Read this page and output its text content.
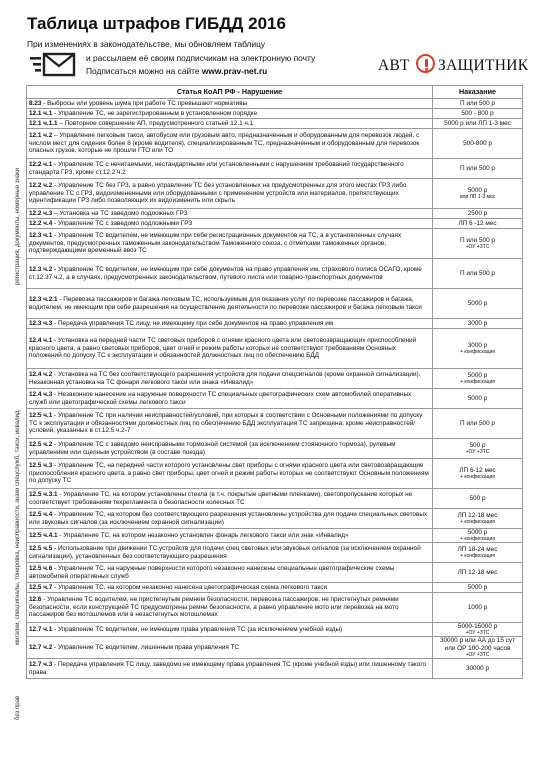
Таблица штрафов ГИБДД 2016
При изменениях в законодательстве, мы обновляем таблицу
и рассылаем её своим подписчикам на электронную почту
Подписаться можно на сайте www.prav-net.ru	АВТ ЗАЩИТНИК
Статья КоАП РФ - Нарушение	Наказание
8.23 - Выбросы или уровень шума при работе ТС превышают нормативы	П или 500 р

12.1 ч.1 - Управление ТС, не зарегистрированным в установленном порядке	500 - 800 р

12.1 ч.1.1 – Повторное совершение АП, предусмотренного статьей 12.1 ч.1	5000 р или ЛП 1-3 мес

12.1 ч.2 – Управление легковым такси, автобусом или грузовым авто, предназначенным и оборудованным для перевозок людей, с числом мест для сидения более 8 (кроме водителя), специализированным ТС, предназначенным и оборудованным для перевозок опасных грузов, которые не прошли ГТО или ТО	500-800 р

12.2 ч.1 - Управление ТС с нечитаемыми, нестандартными или установленными с нарушением требований государственного стандарта ГРЗ, кроме ст.12.2 ч.2	П или 500 р

12.2 ч.2 - Управление ТС без ГРЗ, а равно управление ТС без установленных на предусмотренных для этого местах ГРЗ либо управление ТС с ГРЗ, видоизмененными или оборудованными с применением устройств или материалов, препятствующих идентификации ГРЗ либо позволяющих их видоизменить или скрыть	5000 р
или ЛП 1-3 мес

12.2 ч.3 – Установка на ТС заведомо подложных ГРЗ	2500 р

12.2 ч.4 - Управление ТС с заведомо подложными ГРЗ	ЛП 6 -12 мес

12.3 ч.1 - Управление ТС водителем, не имеющим при себе регистрационных документов на ТС, а в установленных случаях документов, предусмотренных таможенным законодательством Таможенного союза, с отметками таможенных органов, подтверждающими временный ввоз ТС	П или 500 р
+ОУ +ЗТС

12.3 ч.2 - Управление ТС водителем, не имеющим при себе документов на право управления им, страхового полиса ОСАГО, кроме ст.12.37 ч.2, а в случаях, предусмотренных законодательством, путевого листа или товарно-транспортных документов	П или 500 р

12.3 ч.2.1 - Перевозка пассажиров и багажа легковым ТС, используемым для оказания услуг по перевозке пассажиров и багажа, водителем, не имеющим при себе разрешения на осуществление деятельности по перевозке пассажиров и багажа легковым такси	5000 р

12.3 ч.3 - Передача управления ТС лицу, не имеющему при себе документов на право управления им	3000 р

12.4 ч.1 - Установка на передней части ТС световых приборов с огнями красного цвета или световозвращающих приспособлений красного цвета, а равно световых приборов, цвет огней и режим работы которых не соответствуют требованиям Основных положений по допуску ТС к эксплуатации и обязанностей должностных лиц по обеспечению БДД	3000 р
+ конфискация

12.4 ч.2 - Установка на ТС без соответствующего разрешения устройств для подачи спецсигналов (кроме охранной сигнализации). Незаконная установка на ТС фонаря легкового такси или знака «Инвалид»	5000 р
+ конфискация

12.4 ч.3 - Незаконное нанесение на наружные поверхности ТС специальных цветографических схем автомобилей оперативных служб или цветографической схемы легкового такси	5000 р

12.5 ч.1 - Управление ТС при наличии неисправностей/условий, при которых в соответствии с Основными положениями по допуску ТС к эксплуатации и обязанностями должностных лиц по обеспечению БДД эксплуатация ТС запрещена, кроме неисправностей/условий, указанных в ст.12.5 ч.2-7	П или 500 р

12.5 ч.2 - Управление ТС с заведомо неисправными тормозной системой (за исключением стояночного тормоза), рулевым управлением или сцепным устройством (в составе поезда)	500 р
+ОУ +ЗТС

12.5 ч.3 - Управление ТС, на передней части которого установлены свет приборы с огнями красного цвета или световозвращающие приспособления красного цвета, а равно свет приборы, цвет огней и режим работы которых не соответствуют Основным положениям по допуску ТС	ЛП 6-12 мес
+ конфискация

12.5 ч.3.1 - Управление ТС, на котором установлены стекла (в т.ч. покрытые цветными пленками), светопропускание которых не соответствует требованиям техрегламента о безопасности колесных ТС	500 р

12.5 ч.4 - Управление ТС, на котором без соответствующего разрешения установлены устройства для подачи специальных световых или звуковых сигналов (за исключением охранной сигнализации)	ЛП 12-18 мес
+ конфискация

12.5 ч.4.1 - Управление ТС, на котором незаконно установлен фонарь легкового такси или знак «Инвалид»	5000 р
+ конфискация

12.5 ч.5 - Использование при движении ТС устройств для подачи спец световых или звуковых сигналов (за исключением охранной сигнализации), установленных без соответствующего разрешения	ЛП 18-24 мес
+ конфискация

12.5 ч.6 - Управление ТС, на наружные поверхности которого незаконно нанесены специальные цветографические схемы автомобилей оперативных служб	ЛП 12-18 мес

12.5 ч.7 - Управление ТС, на котором незаконно нанесена цветографическая схема легкового такси	5000 р

12.6 - Управление ТС водителем, не пристегнутым ремнем безопасности, перевозка пассажиров, не пристегнутых ремнями безопасности, если конструкцией ТС предусмотрены ремни безопасности, а равно управление мото или перевозка на мото пассажиров без мотошлемов или в незастегнутых мотошлемах	1000 р

12.7 ч.1 - Управление ТС водителем, не имеющим права управления ТС (за исключением учебной езды)	5000-15000 р
+ОУ +ЗТС

12.7 ч.2 - Управление ТС водителем, лишенным права управления ТС	30000 р или АА до 15 сут или ОР 100-200 часов
+ОУ +ЗТС

12.7 ч.3 - Передача управления ТС лицу, заведомо не имеющему права управления ТС (кроме учебной езды) или лишенному такого права	30000 р
регистрация, документы, номерные знаки
мигалки, спецсигналы, тонировка, неисправности, знаки спецслужб, такси, инвалид
без прав
